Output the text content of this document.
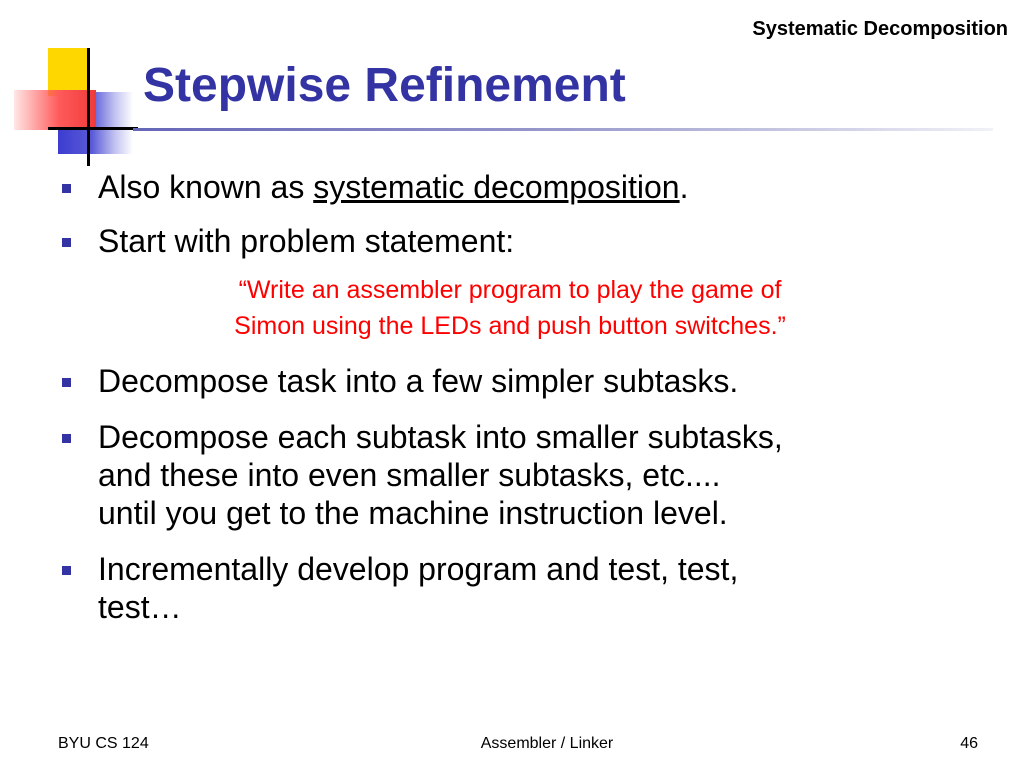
Systematic Decomposition
Stepwise Refinement
Also known as systematic decomposition.
Start with problem statement:
“Write an assembler program to play the game of
Simon using the LEDs and push button switches.”
Decompose task into a few simpler subtasks.
Decompose each subtask into smaller subtasks,
and these into even smaller subtasks, etc....
until you get to the machine instruction level.
Incrementally develop program and test, test,
test…
BYU CS 124	Assembler / Linker	46
